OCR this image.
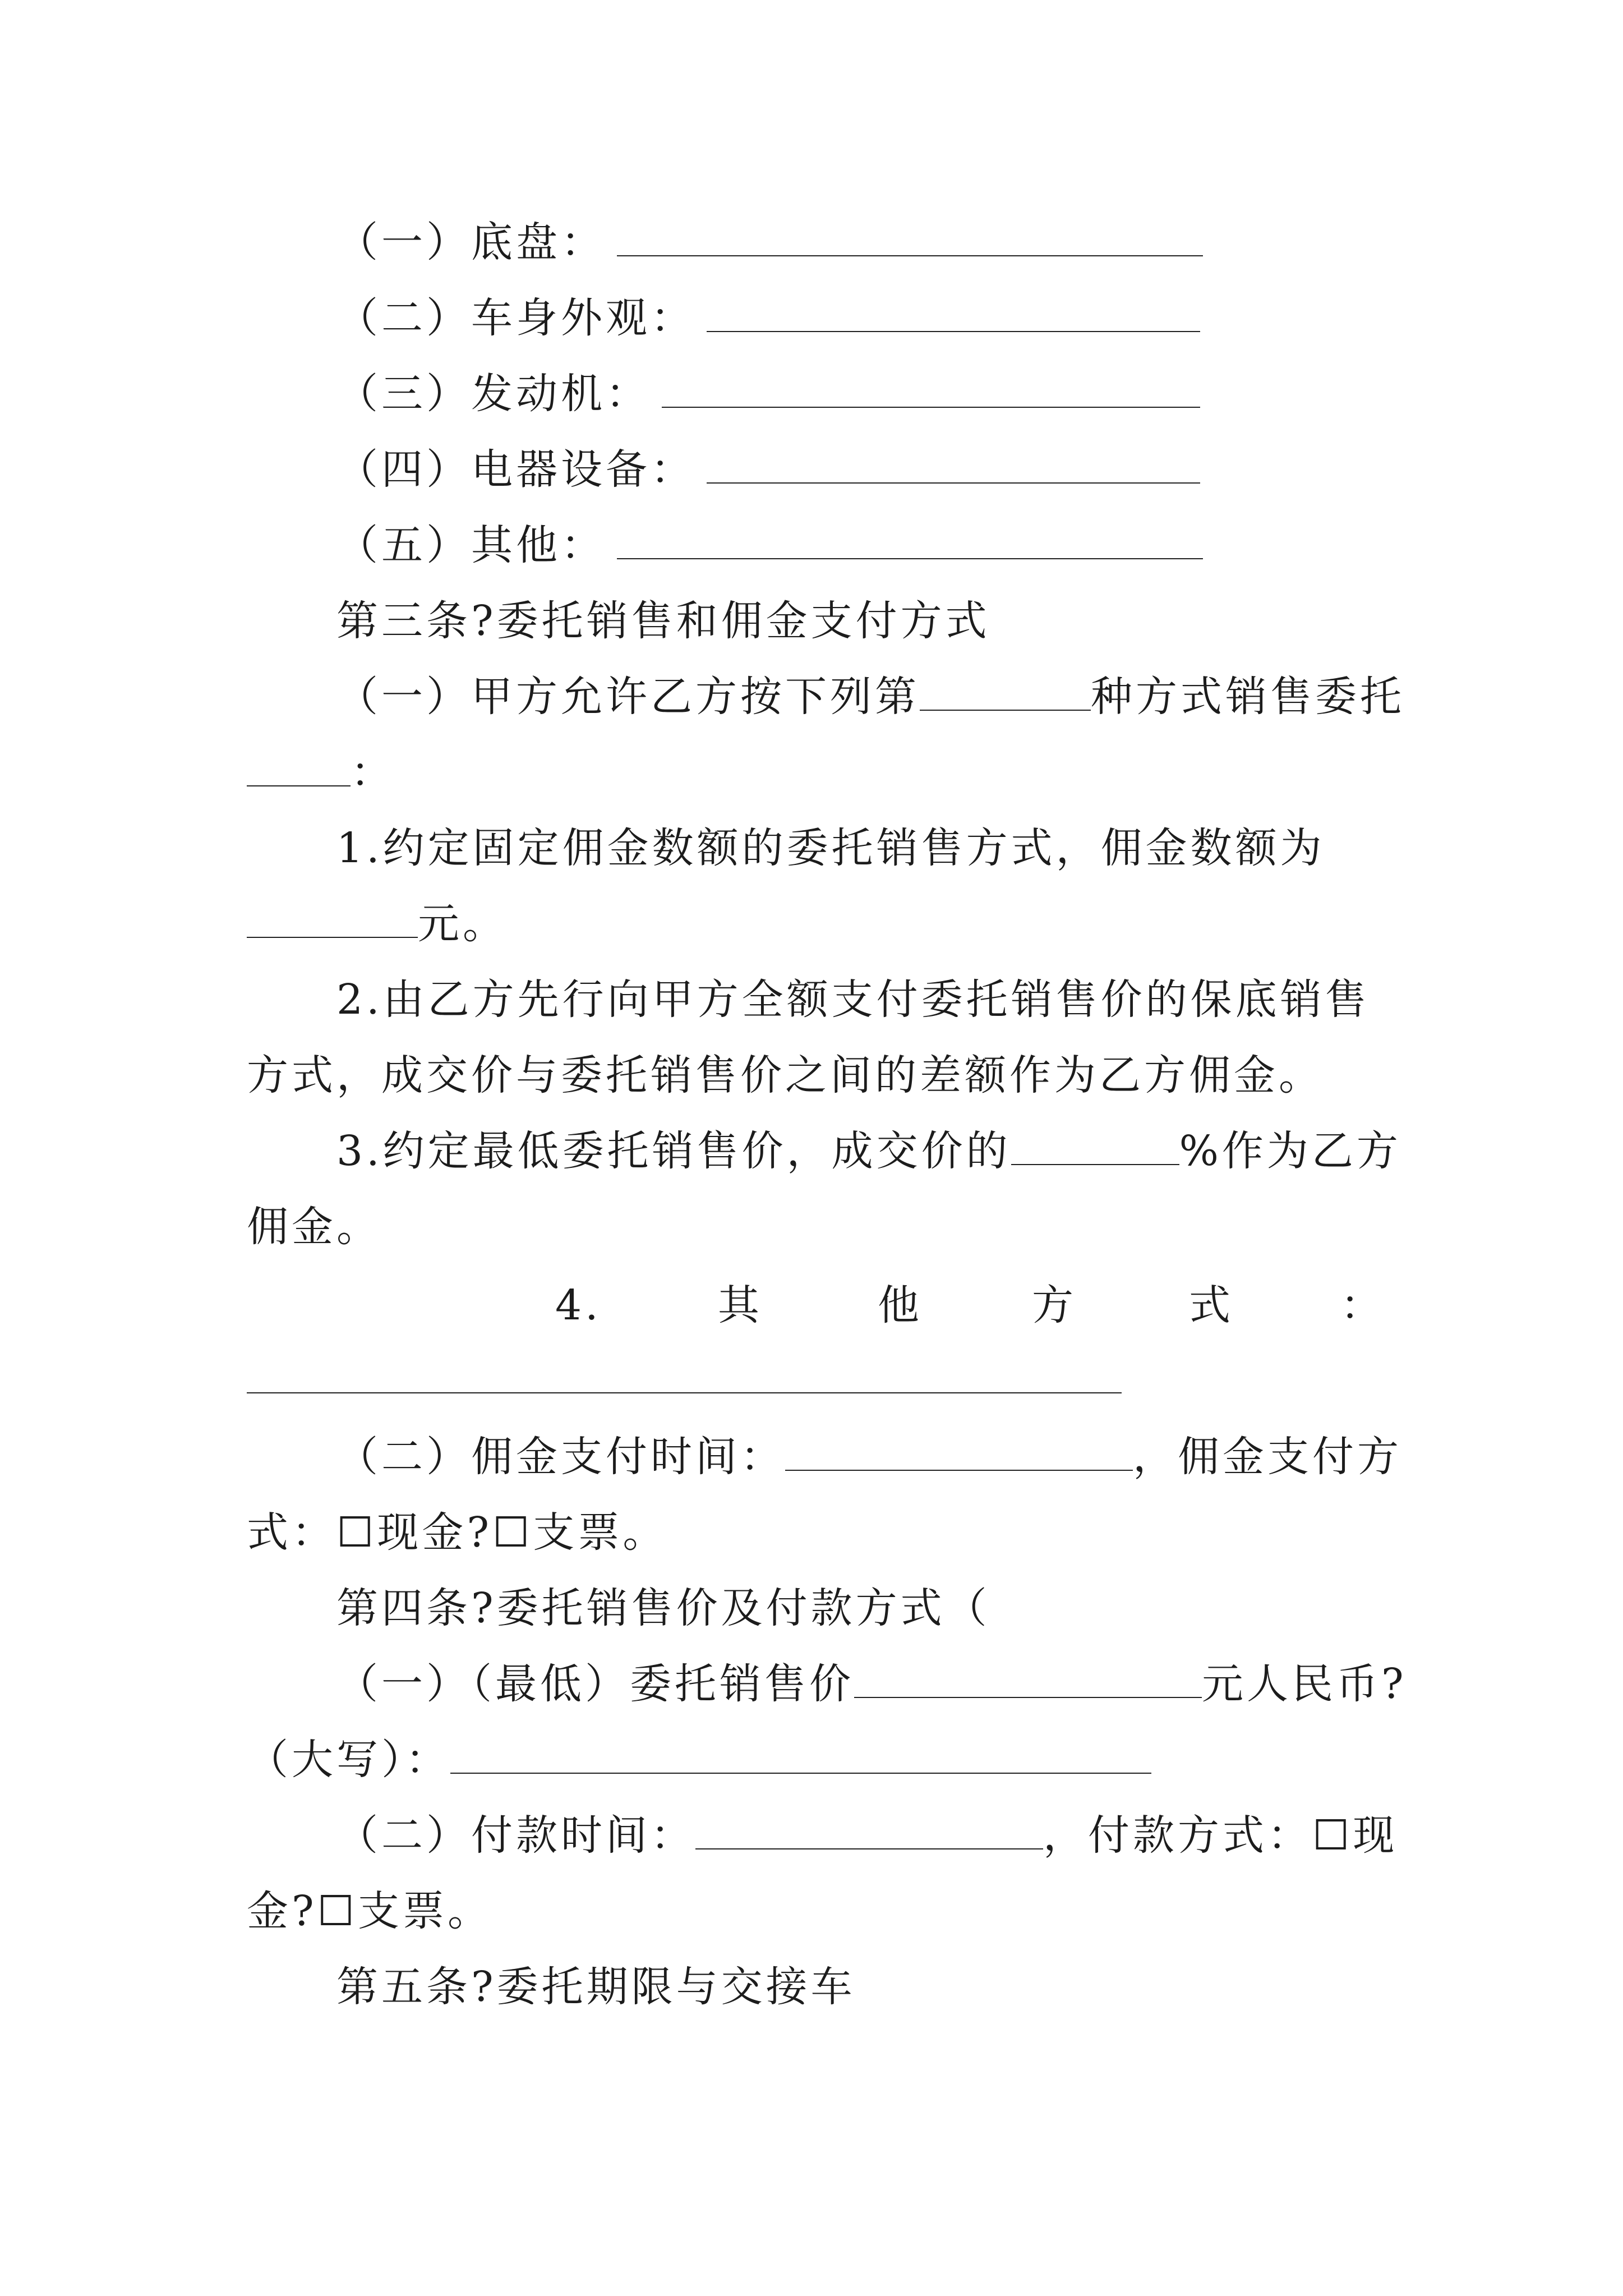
（一）底盘：
（二）车身外观：
（三）发动机：
（四）电器设备：
（五）其他：
第三条?委托销售和佣金支付方式
（一）甲方允许乙方按下列第	种方式销售委托
：
1.约定固定佣金数额的委托销售方式，佣金数额为
元。
2.由乙方先行向甲方全额支付委托销售价的保底销售
方式，成交价与委托销售价之间的差额作为乙方佣金。
3.约定最低委托销售价，成交价的	%作为乙方
佣金。
4.	其	他	方	式	：
（二）佣金支付时间：	，佣金支付方
式：☐现金?☐支票。
第四条?委托销售价及付款方式（
（一）（最低）委托销售价	元人民币?
（大写）：
（二）付款时间：	，付款方式：☐现
金?☐支票。
第五条?委托期限与交接车
